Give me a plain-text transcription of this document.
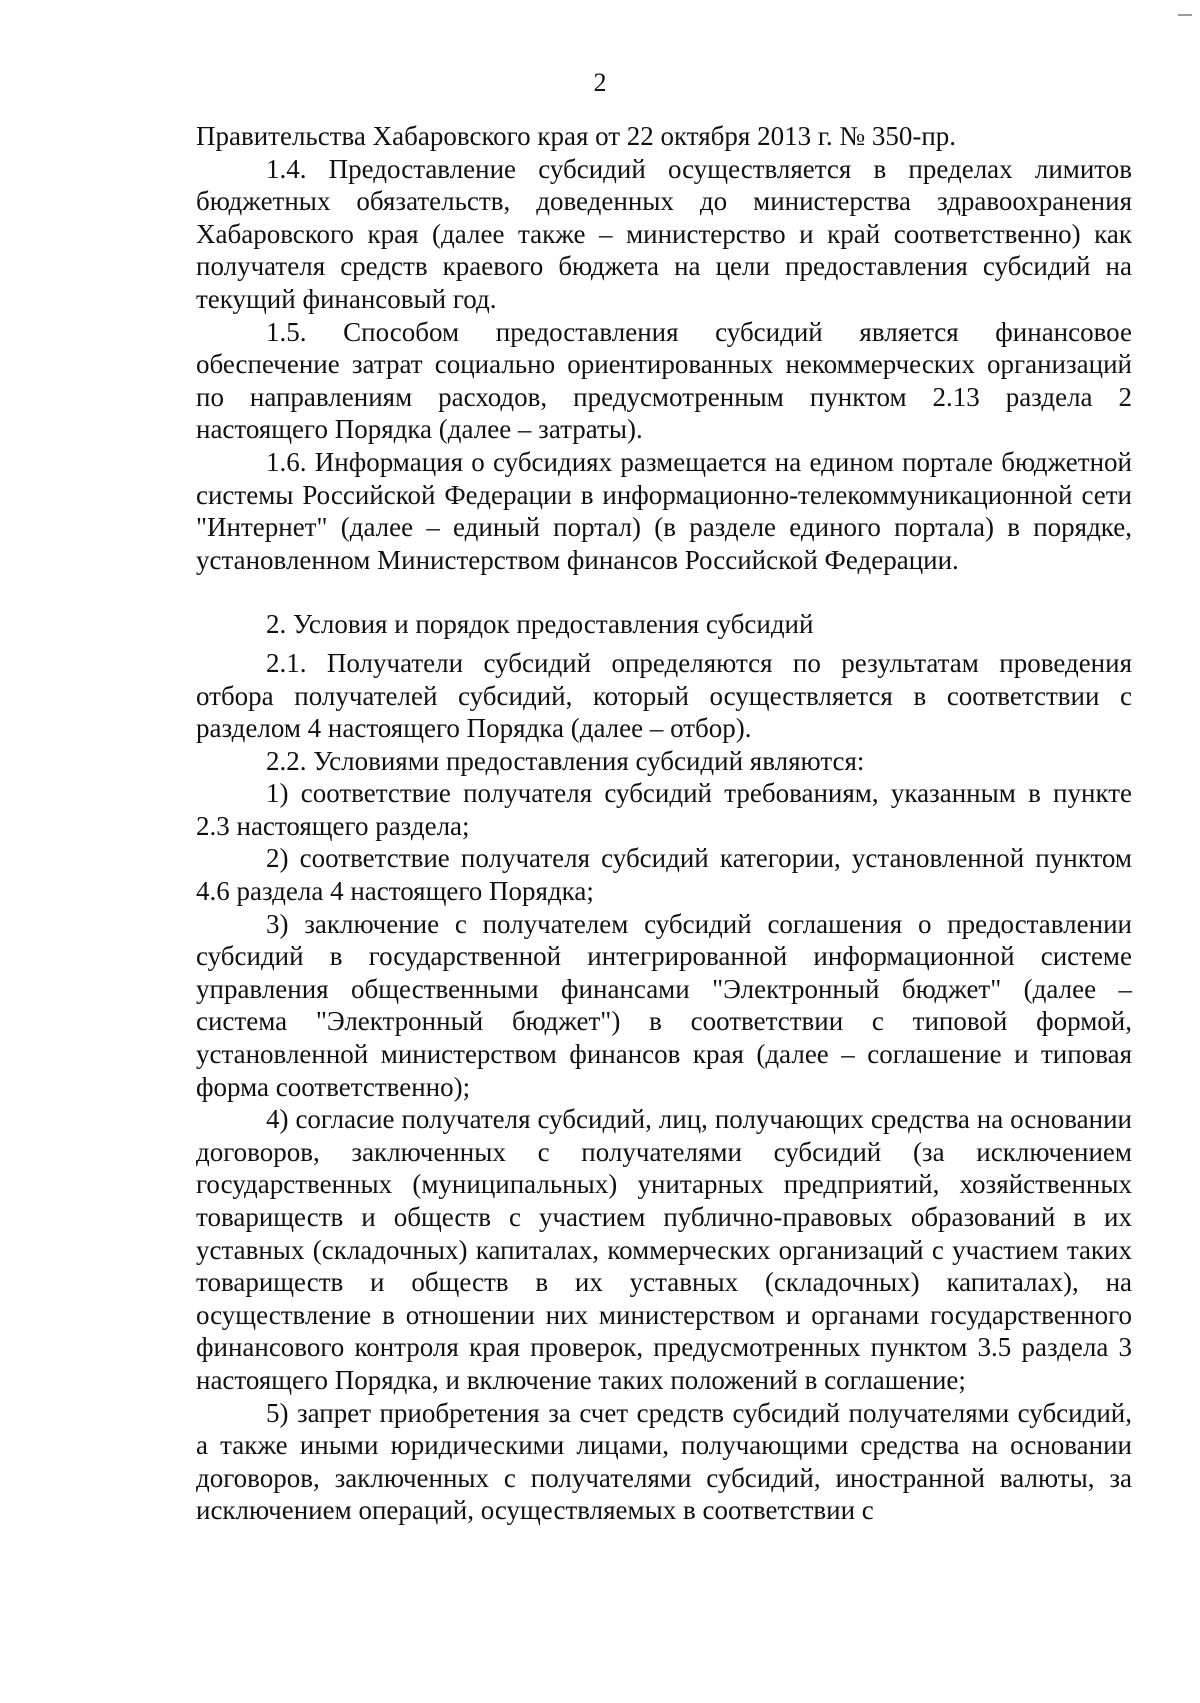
2

Правительства Хабаровского края от 22 октября 2013 г. № 350-пр.

1.4. Предоставление субсидий осуществляется в пределах лимитов бюджетных обязательств, доведенных до министерства здравоохранения Хабаровского края (далее также – министерство и край соответственно) как получателя средств краевого бюджета на цели предоставления субсидий на текущий финансовый год.

1.5. Способом предоставления субсидий является финансовое обеспечение затрат социально ориентированных некоммерческих организаций по направлениям расходов, предусмотренным пунктом 2.13 раздела 2 настоящего Порядка (далее – затраты).

1.6. Информация о субсидиях размещается на едином портале бюджетной системы Российской Федерации в информационно-телекоммуникационной сети "Интернет" (далее – единый портал) (в разделе единого портала) в порядке, установленном Министерством финансов Российской Федерации.

2. Условия и порядок предоставления субсидий

2.1. Получатели субсидий определяются по результатам проведения отбора получателей субсидий, который осуществляется в соответствии с разделом 4 настоящего Порядка (далее – отбор).

2.2. Условиями предоставления субсидий являются:

1) соответствие получателя субсидий требованиям, указанным в пункте 2.3 настоящего раздела;

2) соответствие получателя субсидий категории, установленной пунктом 4.6 раздела 4 настоящего Порядка;

3) заключение с получателем субсидий соглашения о предоставлении субсидий в государственной интегрированной информационной системе управления общественными финансами "Электронный бюджет" (далее – система "Электронный бюджет") в соответствии с типовой формой, установленной министерством финансов края (далее – соглашение и типовая форма соответственно);

4) согласие получателя субсидий, лиц, получающих средства на основании договоров, заключенных с получателями субсидий (за исключением государственных (муниципальных) унитарных предприятий, хозяйственных товариществ и обществ с участием публично-правовых образований в их уставных (складочных) капиталах, коммерческих организаций с участием таких товариществ и обществ в их уставных (складочных) капиталах), на осуществление в отношении них министерством и органами государственного финансового контроля края проверок, предусмотренных пунктом 3.5 раздела 3 настоящего Порядка, и включение таких положений в соглашение;

5) запрет приобретения за счет средств субсидий получателями субсидий, а также иными юридическими лицами, получающими средства на основании договоров, заключенных с получателями субсидий, иностранной валюты, за исключением операций, осуществляемых в соответствии с
